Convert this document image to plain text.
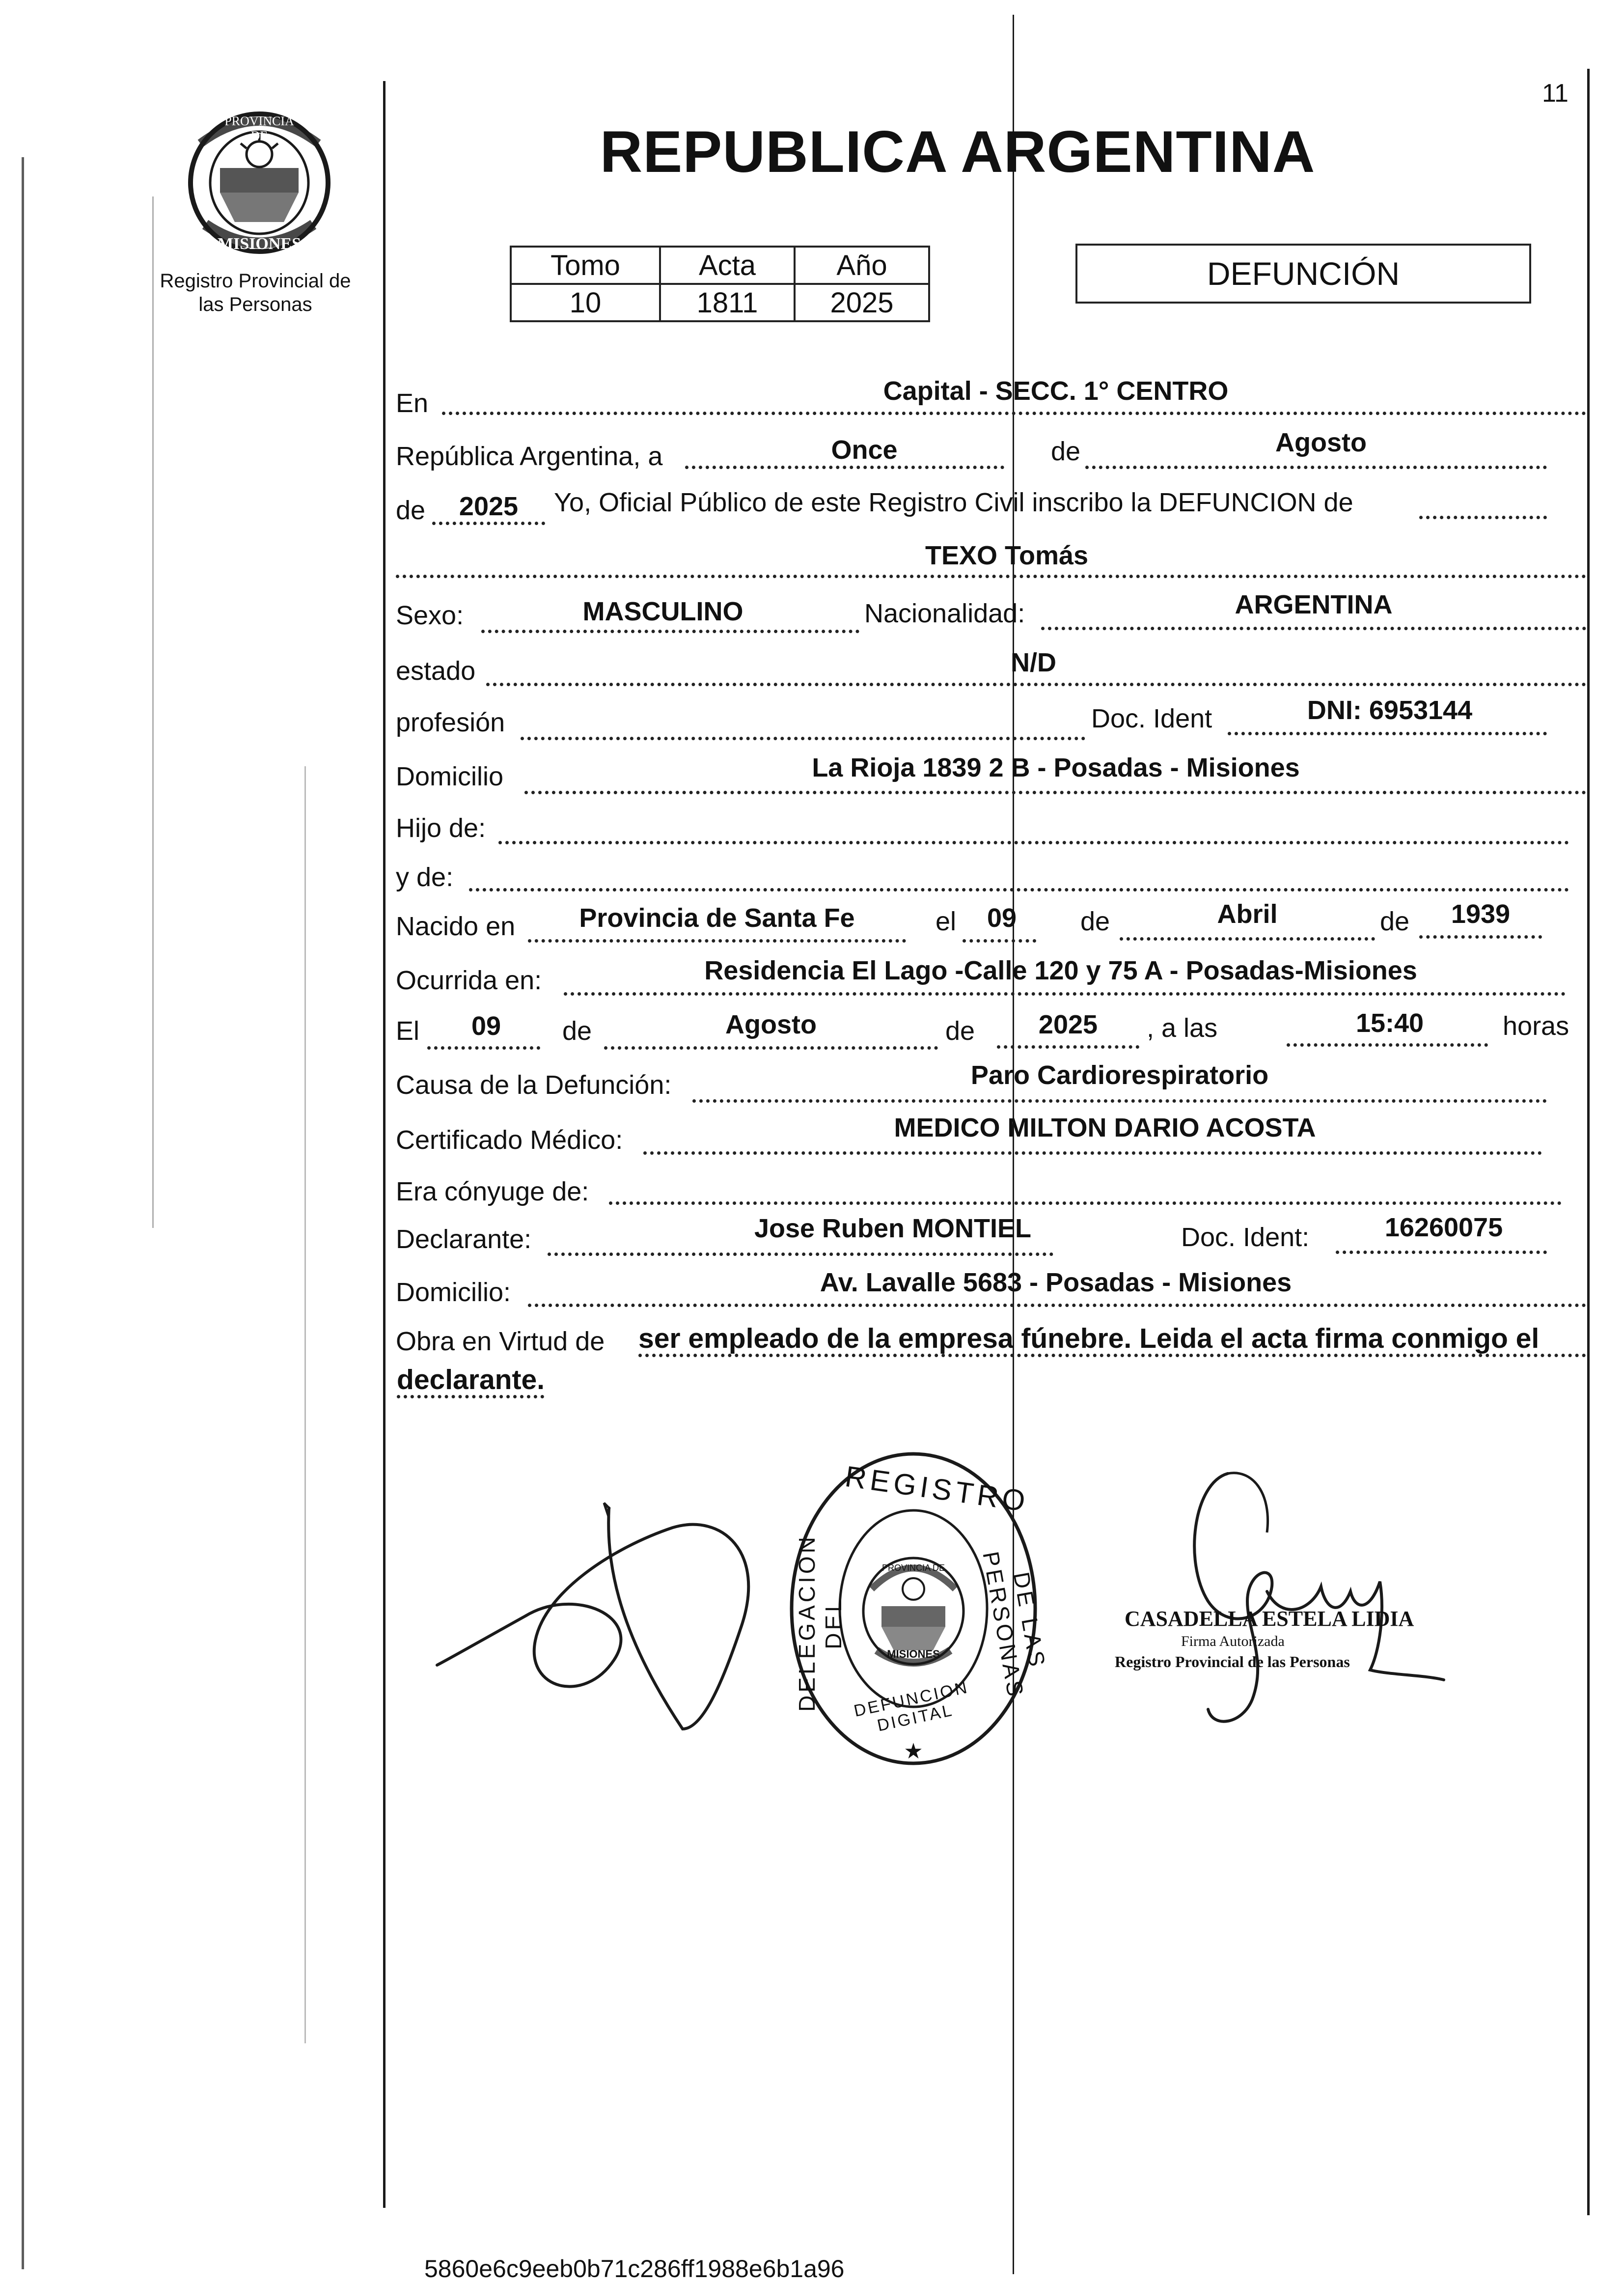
11
PROVINCIA DE
MISIONES
Registro Provincial de las Personas
REPUBLICA ARGENTINA
Tomo	Acta	Año
10	1811	2025
DEFUNCIÓN
En	Capital - SECC. 1° CENTRO
República Argentina, a	Once	de	Agosto
de	2025	Yo, Oficial Público de este Registro Civil inscribo la DEFUNCION de
TEXO Tomás
Sexo:	MASCULINO	Nacionalidad:	ARGENTINA
estado	N/D
profesión	Doc. Ident	DNI: 6953144
Domicilio	La Rioja 1839 2 B - Posadas - Misiones
Hijo de:
y de:
Nacido en	Provincia de Santa Fe	el	09	de	Abril	de	1939
Ocurrida en:	Residencia El Lago -Calle 120 y 75 A - Posadas-Misiones
El	09	de	Agosto	de	2025	, a las	15:40	horas
Causa de la Defunción:	Paro Cardiorespiratorio
Certificado Médico:	MEDICO MILTON DARIO ACOSTA
Era cónyuge de:
Declarante:	Jose Ruben MONTIEL	Doc. Ident:	16260075
Domicilio:	Av. Lavalle 5683 - Posadas - Misiones
Obra en Virtud de ser empleado de la empresa fúnebre. Leida el acta firma conmigo el
declarante.
REGISTRO
DELEGACION DEL	DE LAS PERSONAS
DEFUNCION DIGITAL
PROVINCIA DE
MISIONES
★
CASADELLA ESTELA LIDIA
Firma Autorizada
Registro Provincial de las Personas
5860e6c9eeb0b71c286ff1988e6b1a96
